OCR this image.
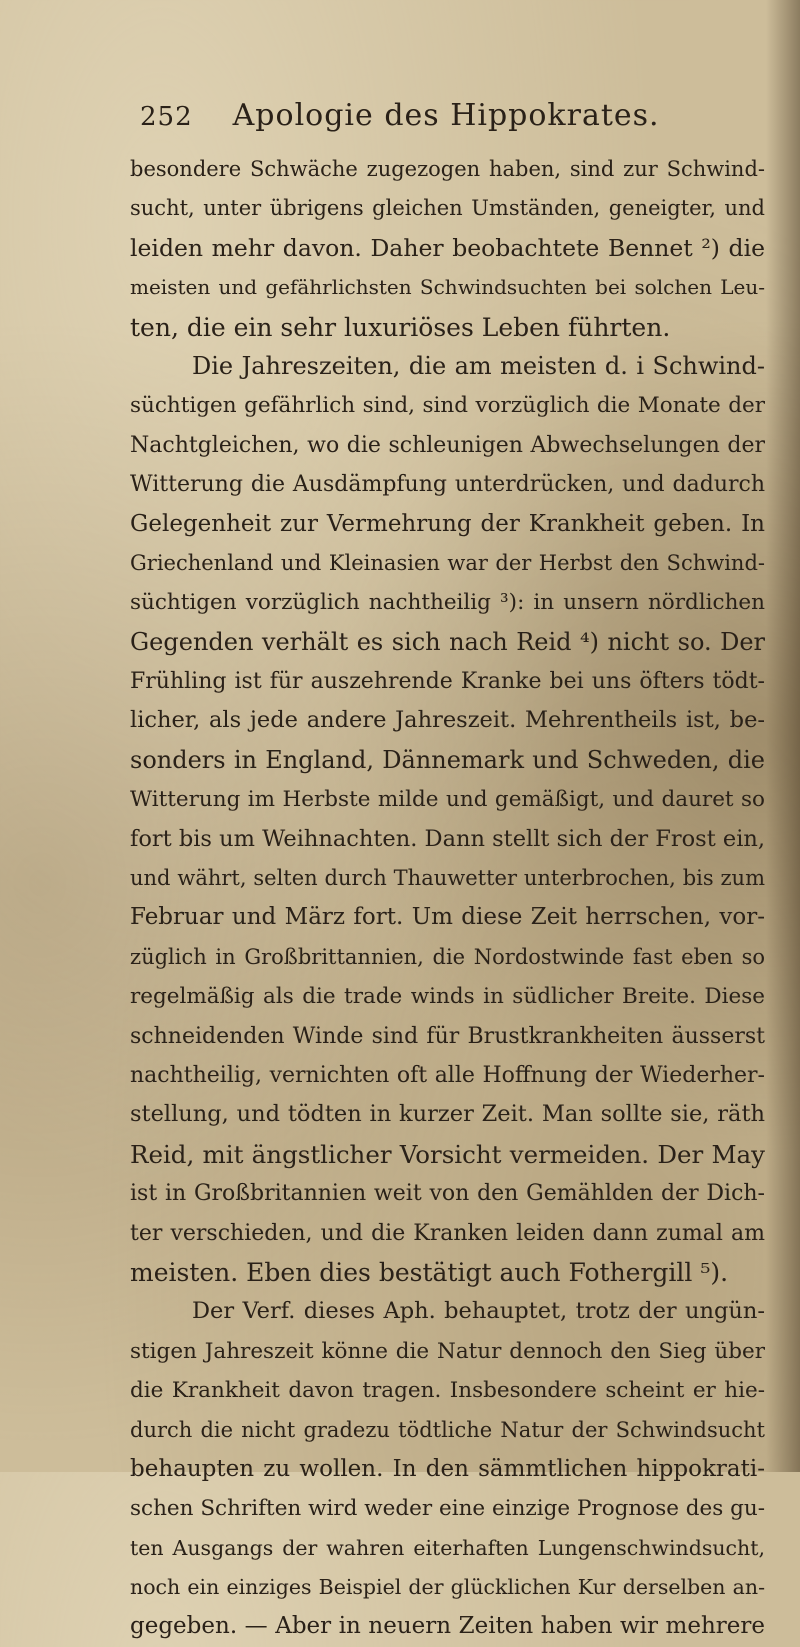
252 Apologie des Hippokrates.
besondere Schwäche zugezogen haben, sind zur Schwind-
sucht, unter übrigens gleichen Umständen, geneigter, und
leiden mehr davon. Daher beobachtete Bennet ²) die
meisten und gefährlichsten Schwindsuchten bei solchen Leu-
ten, die ein sehr luxuriöses Leben führten.
Die Jahreszeiten, die am meisten d. i Schwind-
süchtigen gefährlich sind, sind vorzüglich die Monate der
Nachtgleichen, wo die schleunigen Abwechselungen der
Witterung die Ausdämpfung unterdrücken, und dadurch
Gelegenheit zur Vermehrung der Krankheit geben. In
Griechenland und Kleinasien war der Herbst den Schwind-
süchtigen vorzüglich nachtheilig ³): in unsern nördlichen
Gegenden verhält es sich nach Reid ⁴) nicht so. Der
Frühling ist für auszehrende Kranke bei uns öfters tödt-
licher, als jede andere Jahreszeit. Mehrentheils ist, be-
sonders in England, Dännemark und Schweden, die
Witterung im Herbste milde und gemäßigt, und dauret so
fort bis um Weihnachten. Dann stellt sich der Frost ein,
und währt, selten durch Thauwetter unterbrochen, bis zum
Februar und März fort. Um diese Zeit herrschen, vor-
züglich in Großbrittannien, die Nordostwinde fast eben so
regelmäßig als die trade winds in südlicher Breite. Diese
schneidenden Winde sind für Brustkrankheiten äusserst
nachtheilig, vernichten oft alle Hoffnung der Wiederher-
stellung, und tödten in kurzer Zeit. Man sollte sie, räth
Reid, mit ängstlicher Vorsicht vermeiden. Der May
ist in Großbritannien weit von den Gemählden der Dich-
ter verschieden, und die Kranken leiden dann zumal am
meisten. Eben dies bestätigt auch Fothergill ⁵).
Der Verf. dieses Aph. behauptet, trotz der ungün-
stigen Jahreszeit könne die Natur dennoch den Sieg über
die Krankheit davon tragen. Insbesondere scheint er hie-
durch die nicht gradezu tödtliche Natur der Schwindsucht
behaupten zu wollen. In den sämmtlichen hippokrati-
schen Schriften wird weder eine einzige Prognose des gu-
ten Ausgangs der wahren eiterhaften Lungenschwindsucht,
noch ein einziges Beispiel der glücklichen Kur derselben an-
gegeben. — Aber in neuern Zeiten haben wir mehrere
